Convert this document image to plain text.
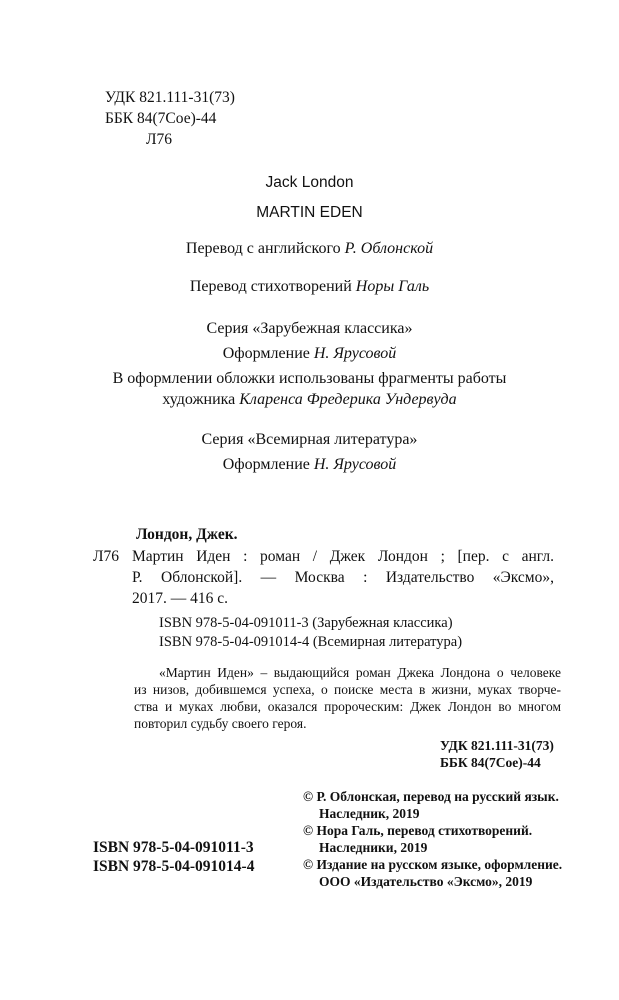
УДК 821.111-31(73)
ББК 84(7Сое)-44
Л76
Jack London
MARTIN EDEN
Перевод с английского Р. Облонской
Перевод стихотворений Норы Галь
Серия «Зарубежная классика»
Оформление Н. Ярусовой
В оформлении обложки использованы фрагменты работы
художника Кларенса Фредерика Ундервуда
Серия «Всемирная литература»
Оформление Н. Ярусовой
Лондон, Джек.
Л76 Мартин Иден : роман / Джек Лондон ; [пер. с англ.
Р. Облонской]. — Москва : Издательство «Эксмо»,
2017. — 416 с.
ISBN 978-5-04-091011-3 (Зарубежная классика)
ISBN 978-5-04-091014-4 (Всемирная литература)
«Мартин Иден» – выдающийся роман Джека Лондона о человеке
из низов, добившемся успеха, о поиске места в жизни, муках творче-
ства и муках любви, оказался пророческим: Джек Лондон во многом
повторил судьбу своего героя.
УДК 821.111-31(73)
ББК 84(7Сое)-44
© Р. Облонская, перевод на русский язык.
Наследник, 2019
© Нора Галь, перевод стихотворений.
Наследники, 2019
© Издание на русском языке, оформление.
ООО «Издательство «Эксмо», 2019
ISBN 978-5-04-091011-3
ISBN 978-5-04-091014-4
